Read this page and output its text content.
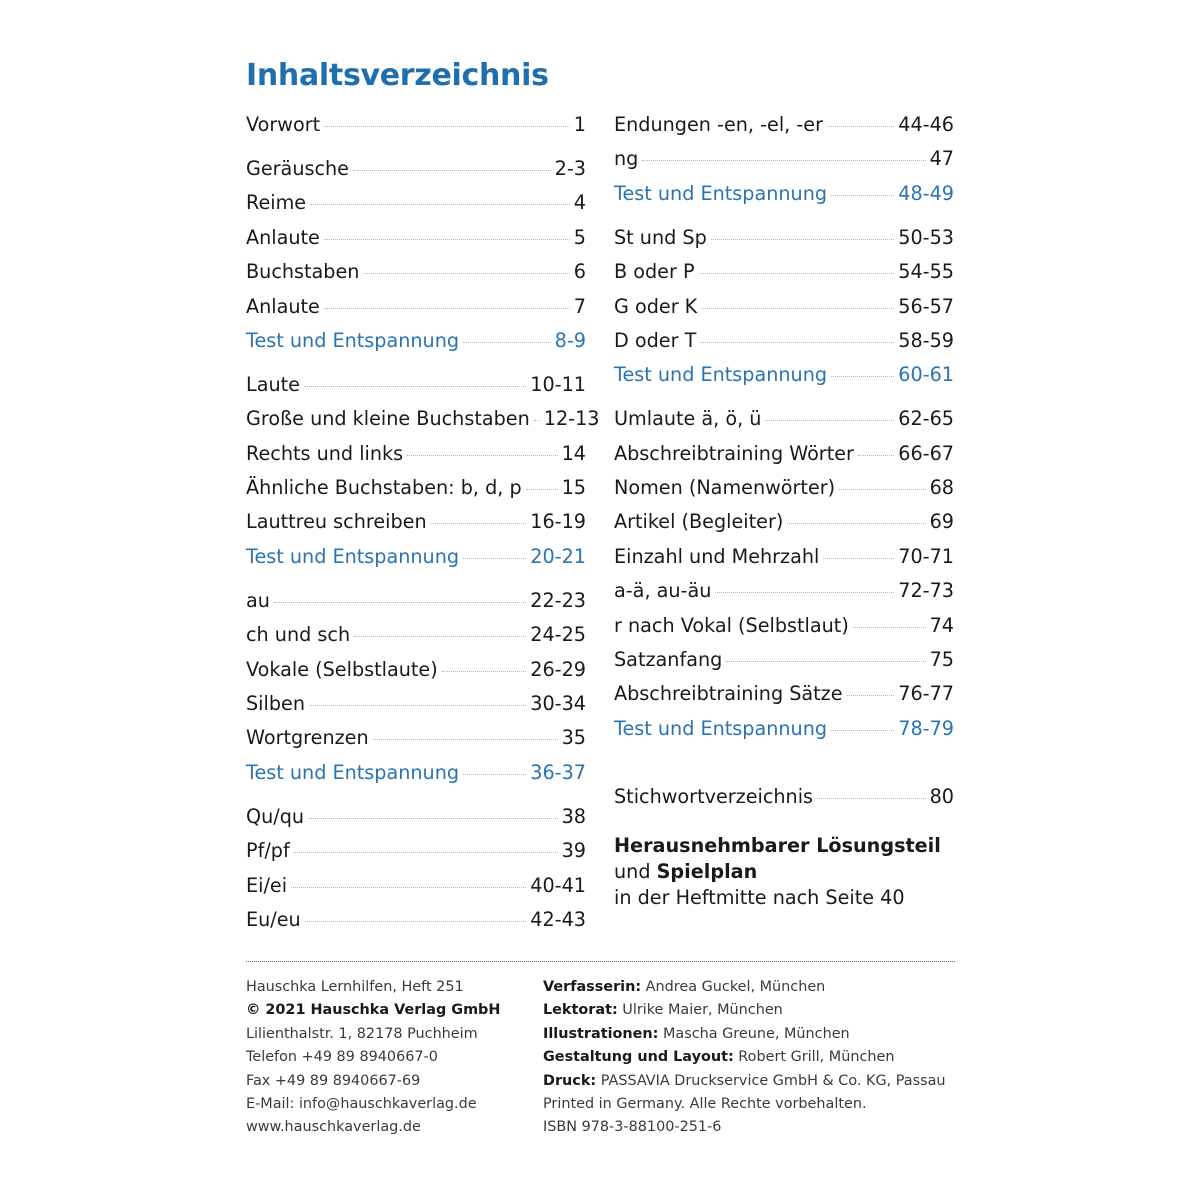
Inhaltsverzeichnis
Vorwort	1
Geräusche	2-3
Reime	4
Anlaute	5
Buchstaben	6
Anlaute	7
Test und Entspannung	8-9
Laute	10-11
Große und kleine Buchstaben 12-13
Rechts und links	14
Ähnliche Buchstaben: b, d, p 15
Lauttreu schreiben	16-19
Test und Entspannung	20-21
au	22-23
ch und sch	24-25
Vokale (Selbstlaute)	26-29
Silben	30-34
Wortgrenzen	35
Test und Entspannung	36-37
Qu/qu	38
Pf/pf	39
Ei/ei	40-41
Eu/eu	42-43
Endungen -en, -el, -er	44-46
ng	47
Test und Entspannung	48-49
St und Sp	50-53
B oder P	54-55
G oder K	56-57
D oder T	58-59
Test und Entspannung	60-61
Umlaute ä, ö, ü	62-65
Abschreibtraining Wörter 66-67
Nomen (Namenwörter)	68
Artikel (Begleiter)	69
Einzahl und Mehrzahl	70-71
a-ä, au-äu	72-73
r nach Vokal (Selbstlaut)	74
Satzanfang	75
Abschreibtraining Sätze	76-77
Test und Entspannung	78-79
Stichwortverzeichnis	80
Herausnehmbarer Lösungsteil
und Spielplan
in der Heftmitte nach Seite 40
Hauschka Lernhilfen, Heft 251
© 2021 Hauschka Verlag GmbH
Lilienthalstr. 1, 82178 Puchheim
Telefon +49 89 8940667-0
Fax +49 89 8940667-69
E-Mail: info@hauschkaverlag.de
www.hauschkaverlag.de
Verfasserin: Andrea Guckel, München
Lektorat: Ulrike Maier, München
Illustrationen: Mascha Greune, München
Gestaltung und Layout: Robert Grill, München
Druck: PASSAVIA Druckservice GmbH & Co. KG, Passau
Printed in Germany. Alle Rechte vorbehalten.
ISBN 978-3-88100-251-6
